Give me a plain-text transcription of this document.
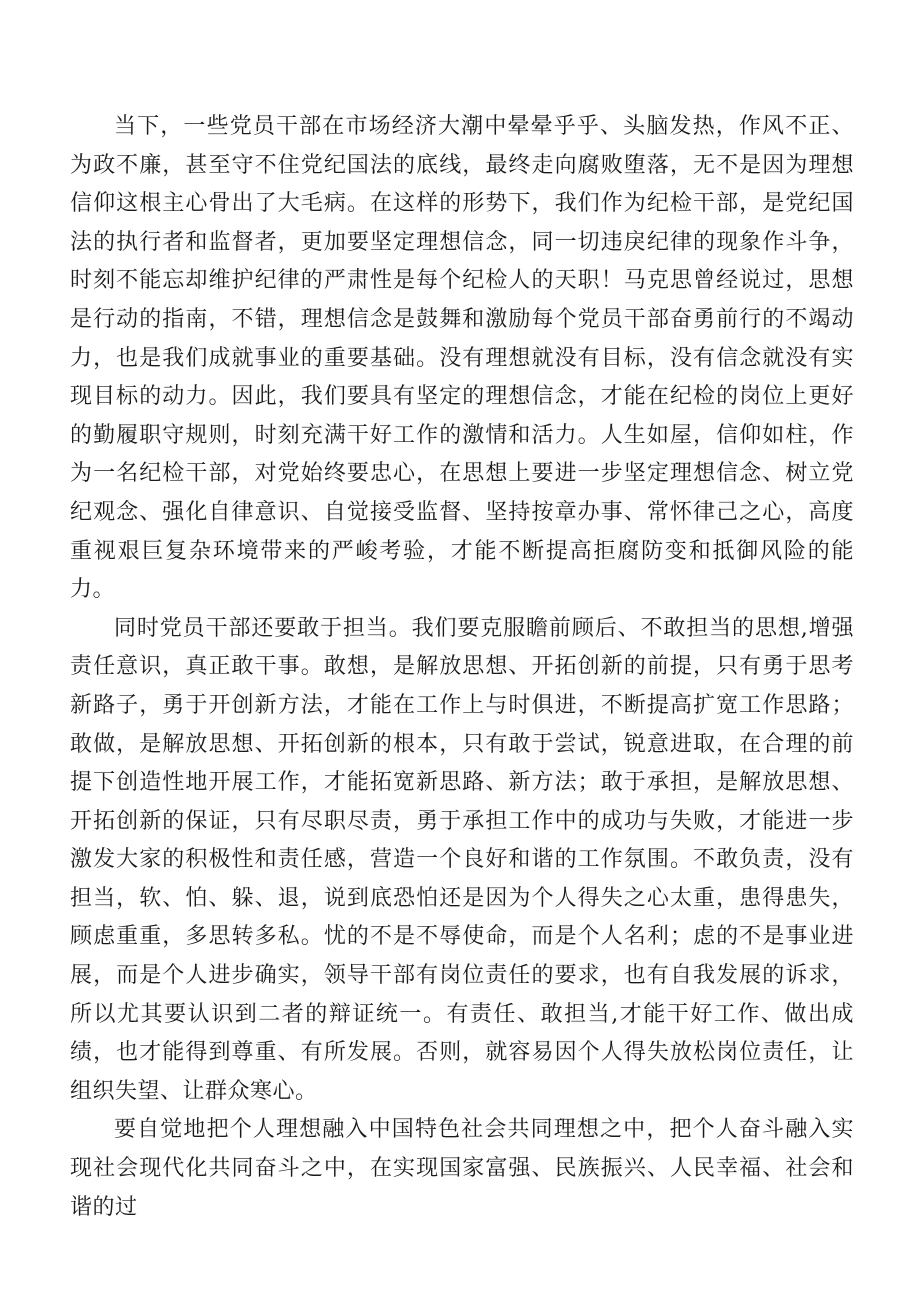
当下，一些党员干部在市场经济大潮中晕晕乎乎、头脑发热，作风不正、为政不廉，甚至守不住党纪国法的底线，最终走向腐败堕落，无不是因为理想信仰这根主心骨出了大毛病。在这样的形势下，我们作为纪检干部，是党纪国法的执行者和监督者，更加要坚定理想信念，同一切违戾纪律的现象作斗争，时刻不能忘却维护纪律的严肃性是每个纪检人的天职！马克思曾经说过，思想是行动的指南，不错，理想信念是鼓舞和激励每个党员干部奋勇前行的不竭动力，也是我们成就事业的重要基础。没有理想就没有目标，没有信念就没有实现目标的动力。因此，我们要具有坚定的理想信念，才能在纪检的岗位上更好的勤履职守规则，时刻充满干好工作的激情和活力。人生如屋，信仰如柱，作为一名纪检干部，对党始终要忠心，在思想上要进一步坚定理想信念、树立党纪观念、强化自律意识、自觉接受监督、坚持按章办事、常怀律己之心，高度重视艰巨复杂环境带来的严峻考验，才能不断提高拒腐防变和抵御风险的能力。

同时党员干部还要敢于担当。我们要克服瞻前顾后、不敢担当的思想,增强责任意识，真正敢干事。敢想，是解放思想、开拓创新的前提，只有勇于思考新路子，勇于开创新方法，才能在工作上与时俱进，不断提高扩宽工作思路；敢做，是解放思想、开拓创新的根本，只有敢于尝试，锐意进取，在合理的前提下创造性地开展工作，才能拓宽新思路、新方法；敢于承担，是解放思想、开拓创新的保证，只有尽职尽责，勇于承担工作中的成功与失败，才能进一步激发大家的积极性和责任感，营造一个良好和谐的工作氛围。不敢负责，没有担当，软、怕、躲、退，说到底恐怕还是因为个人得失之心太重，患得患失，顾虑重重，多思转多私。忧的不是不辱使命，而是个人名利；虑的不是事业进展，而是个人进步确实，领导干部有岗位责任的要求，也有自我发展的诉求，所以尤其要认识到二者的辩证统一。有责任、敢担当,才能干好工作、做出成绩，也才能得到尊重、有所发展。否则，就容易因个人得失放松岗位责任，让组织失望、让群众寒心。

要自觉地把个人理想融入中国特色社会共同理想之中，把个人奋斗融入实现社会现代化共同奋斗之中，在实现国家富强、民族振兴、人民幸福、社会和谐的过
